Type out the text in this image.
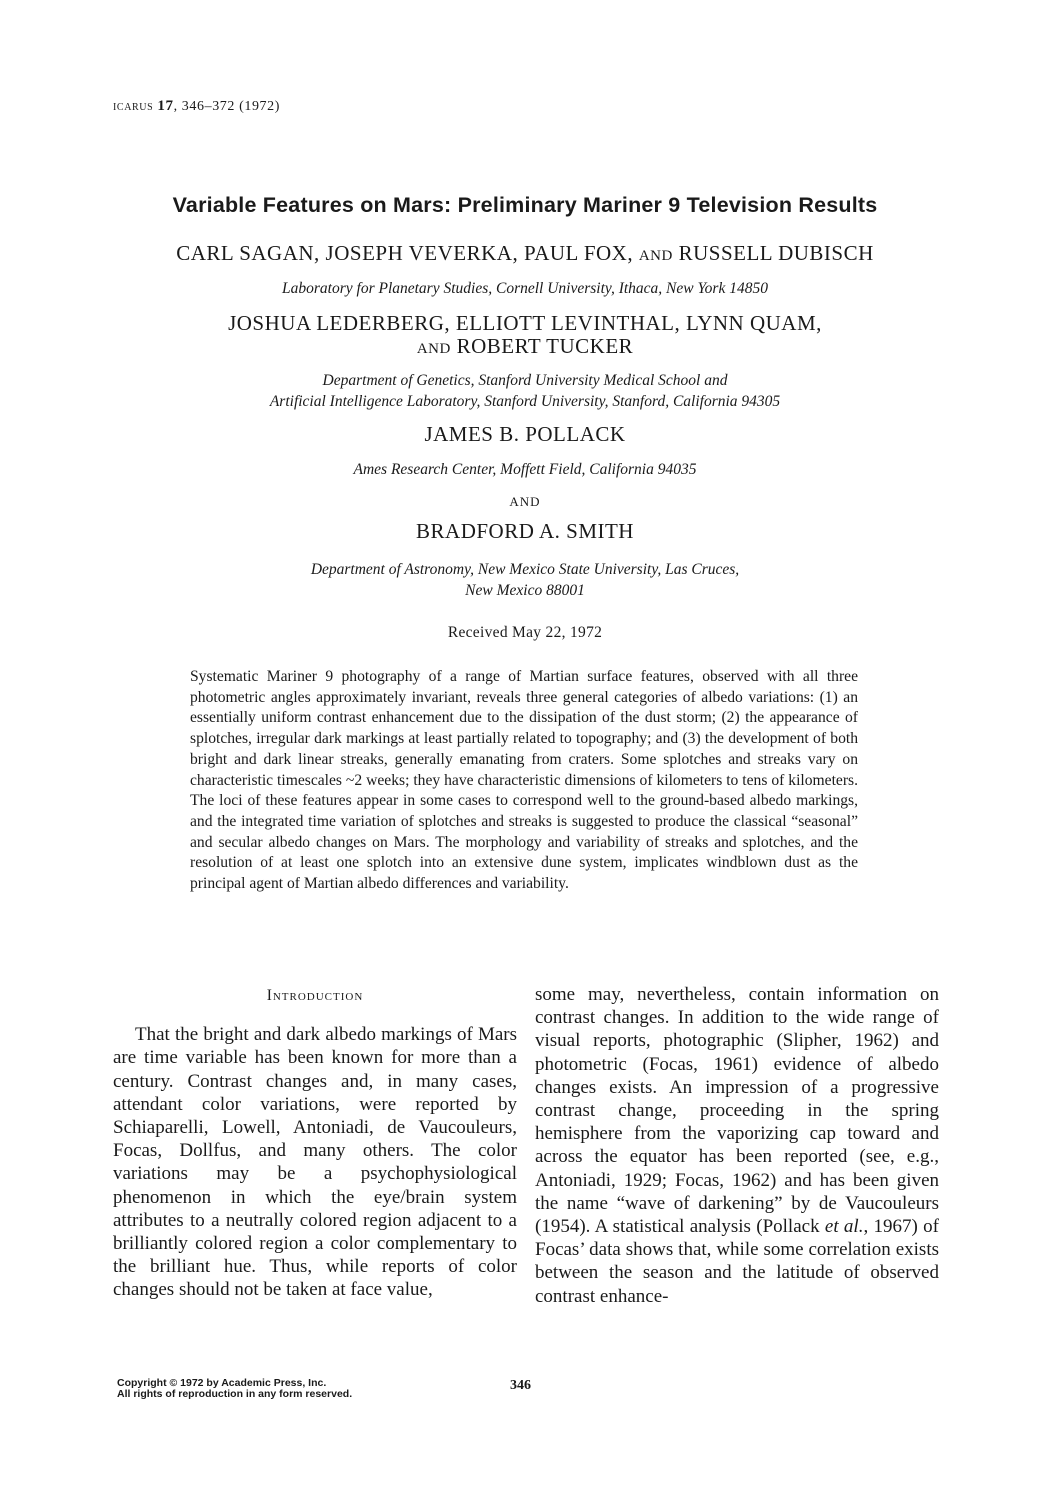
icarus 17, 346–372 (1972)
Variable Features on Mars: Preliminary Mariner 9 Television Results

CARL SAGAN, JOSEPH VEVERKA, PAUL FOX, AND RUSSELL DUBISCH

Laboratory for Planetary Studies, Cornell University, Ithaca, New York 14850

JOSHUA LEDERBERG, ELLIOTT LEVINTHAL, LYNN QUAM,

AND ROBERT TUCKER

Department of Genetics, Stanford University Medical School and

Artificial Intelligence Laboratory, Stanford University, Stanford, California 94305

JAMES B. POLLACK

Ames Research Center, Moffett Field, California 94035

AND

BRADFORD A. SMITH

Department of Astronomy, New Mexico State University, Las Cruces,

New Mexico 88001

Received May 22, 1972

Systematic Mariner 9 photography of a range of Martian surface features, observed with all three photometric angles approximately invariant, reveals three general categories of albedo variations: (1) an essentially uniform contrast enhancement due to the dissipation of the dust storm; (2) the appearance of splotches, irregular dark markings at least partially related to topography; and (3) the development of both bright and dark linear streaks, generally emanating from craters. Some splotches and streaks vary on characteristic timescales ~2 weeks; they have characteristic dimensions of kilometers to tens of kilometers. The loci of these features appear in some cases to correspond well to the ground-based albedo markings, and the integrated time variation of splotches and streaks is suggested to produce the classical “seasonal” and secular albedo changes on Mars. The morphology and variability of streaks and splotches, and the resolution of at least one splotch into an extensive dune system, implicates windblown dust as the principal agent of Martian albedo differences and variability.

Introduction

That the bright and dark albedo markings of Mars are time variable has been known for more than a century. Contrast changes and, in many cases, attendant color variations, were reported by Schiaparelli, Lowell, Antoniadi, de Vaucouleurs, Focas, Dollfus, and many others. The color variations may be a psychophysiological phenomenon in which the eye/brain system attributes to a neutrally colored region adjacent to a brilliantly colored region a color complementary to the brilliant hue. Thus, while reports of color changes should not be taken at face value,

some may, nevertheless, contain information on contrast changes. In addition to the wide range of visual reports, photographic (Slipher, 1962) and photometric (Focas, 1961) evidence of albedo changes exists. An impression of a progressive contrast change, proceeding in the spring hemisphere from the vaporizing cap toward and across the equator has been reported (see, e.g., Antoniadi, 1929; Focas, 1962) and has been given the name “wave of darkening” by de Vaucouleurs (1954). A statistical analysis (Pollack et al., 1967) of Focas’ data shows that, while some correlation exists between the season and the latitude of observed contrast enhance-

Copyright © 1972 by Academic Press, Inc.
All rights of reproduction in any form reserved.
346
